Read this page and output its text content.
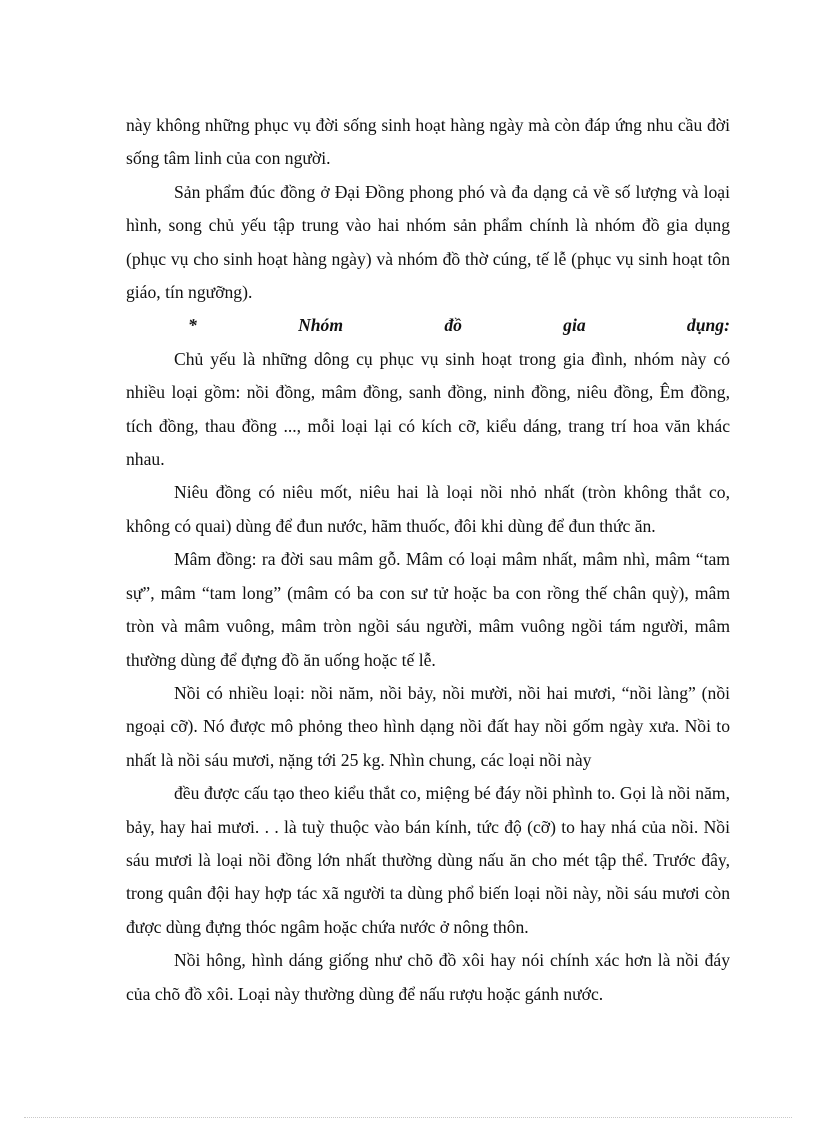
này không những phục vụ đời sống sinh hoạt hàng ngày mà còn đáp ứng nhu cầu đời sống tâm linh của con người.

Sản phẩm đúc đồng ở Đại Đồng phong phó và đa dạng cả về số lượng và loại hình, song chủ yếu tập trung vào hai nhóm sản phẩm chính là nhóm đồ gia dụng (phục vụ cho sinh hoạt hàng ngày) và nhóm đồ thờ cúng, tế lễ (phục vụ sinh hoạt tôn giáo, tín ngưỡng).

*	Nhóm	đồ	gia	dụng:

Chủ yếu là những dông cụ phục vụ sinh hoạt trong gia đình, nhóm này có nhiều loại gồm: nồi đồng, mâm đồng, sanh đồng, ninh đồng, niêu đồng, Êm đồng, tích đồng, thau đồng ..., mỗi loại lại có kích cỡ, kiểu dáng, trang trí hoa văn khác nhau.

Niêu đồng có niêu mốt, niêu hai là loại nồi nhỏ nhất (tròn không thắt co, không có quai) dùng để đun nước, hãm thuốc, đôi khi dùng để đun thức ăn.

Mâm đồng: ra đời sau mâm gỗ. Mâm có loại mâm nhất, mâm nhì, mâm “tam sự”, mâm “tam long” (mâm có ba con sư tử hoặc ba con rồng thế chân quỳ), mâm tròn và mâm vuông, mâm tròn ngồi sáu người, mâm vuông ngồi tám người, mâm thường dùng để đựng đồ ăn uống hoặc tế lễ.

Nồi có nhiều loại: nồi năm, nồi bảy, nồi mười, nồi hai mươi, “nồi làng” (nồi ngoại cỡ). Nó được mô phỏng theo hình dạng nồi đất hay nồi gốm ngày xưa. Nồi to nhất là nồi sáu mươi, nặng tới 25 kg. Nhìn chung, các loại nồi này

đều được cấu tạo theo kiểu thắt co, miệng bé đáy nồi phình to. Gọi là nồi năm, bảy, hay hai mươi. . . là tuỳ thuộc vào bán kính, tức độ (cỡ) to hay nhá của nồi. Nồi sáu mươi là loại nồi đồng lớn nhất thường dùng nấu ăn cho mét tập thể. Trước đây, trong quân đội hay hợp tác xã người ta dùng phổ biến loại nồi này, nồi sáu mươi còn được dùng đựng thóc ngâm hoặc chứa nước ở nông thôn.

Nồi hông, hình dáng giống như chõ đồ xôi hay nói chính xác hơn là nồi đáy của chõ đồ xôi. Loại này thường dùng để nấu rượu hoặc gánh nước.
